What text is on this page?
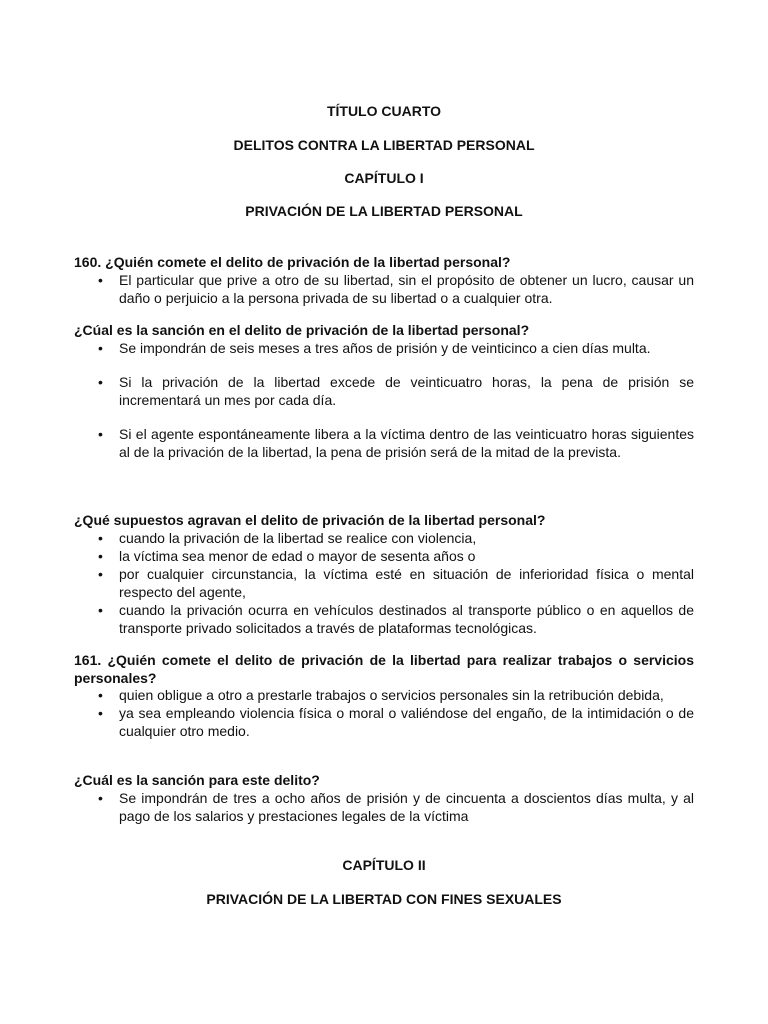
TÍTULO CUARTO
DELITOS CONTRA LA LIBERTAD PERSONAL
CAPÍTULO I
PRIVACIÓN DE LA LIBERTAD PERSONAL

160. ¿Quién comete el delito de privación de la libertad personal?

• El particular que prive a otro de su libertad, sin el propósito de obtener un lucro, causar un daño o perjuicio a la persona privada de su libertad o a cualquier otra.

¿Cúal es la sanción en el delito de privación de la libertad personal?

• Se impondrán de seis meses a tres años de prisión y de veinticinco a cien días multa.
• Si la privación de la libertad excede de veinticuatro horas, la pena de prisión se incrementará un mes por cada día.
• Si el agente espontáneamente libera a la víctima dentro de las veinticuatro horas siguientes al de la privación de la libertad, la pena de prisión será de la mitad de la prevista.

¿Qué supuestos agravan el delito de privación de la libertad personal?

• cuando la privación de la libertad se realice con violencia,
• la víctima sea menor de edad o mayor de sesenta años o
• por cualquier circunstancia, la víctima esté en situación de inferioridad física o mental respecto del agente,
• cuando la privación ocurra en vehículos destinados al transporte público o en aquellos de transporte privado solicitados a través de plataformas tecnológicas.

161. ¿Quién comete el delito de privación de la libertad para realizar trabajos o servicios personales?

• quien obligue a otro a prestarle trabajos o servicios personales sin la retribución debida,
• ya sea empleando violencia física o moral o valiéndose del engaño, de la intimidación o de cualquier otro medio.

¿Cuál es la sanción para este delito?

• Se impondrán de tres a ocho años de prisión y de cincuenta a doscientos días multa, y al pago de los salarios y prestaciones legales de la víctima
CAPÍTULO II
PRIVACIÓN DE LA LIBERTAD CON FINES SEXUALES
